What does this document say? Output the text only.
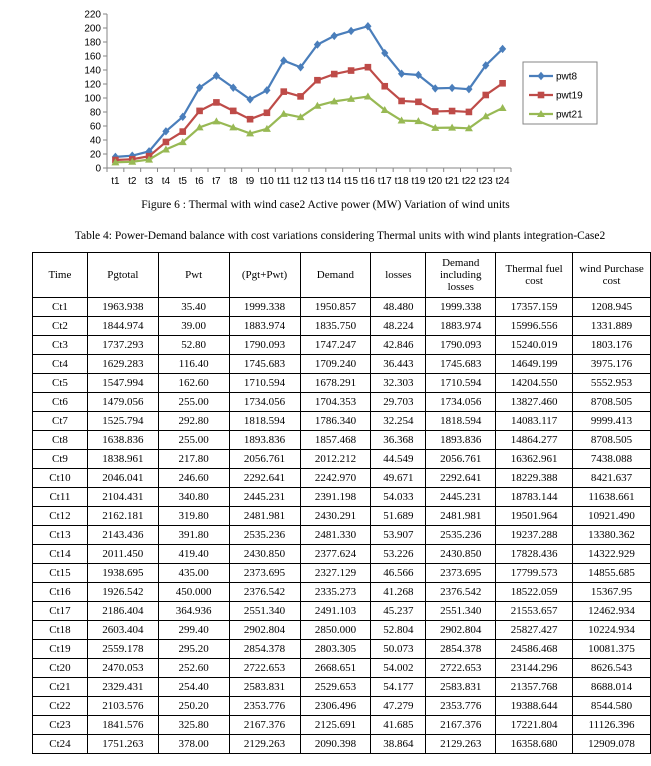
0
20
40
60
80
100
120
140
160
180
200
220
t1 t2 t3 t4 t5 t6 t7 t8 t9 t10 t11 t12 t13 t14 t15 t16 t17 t18 t19 t20 t21 t22 t23 t24
pwt8
pwt19
pwt21
Figure 6 : Thermal with wind case2 Active power (MW) Variation of wind units
Table 4: Power-Demand balance with cost variations considering Thermal units with wind plants integration-Case2
Time	Pgtotal	Pwt	(Pgt+Pwt)	Demand	losses	Demand including losses	Thermal fuel cost	wind Purchase cost
Ct1	1963.938	35.40	1999.338	1950.857	48.480	1999.338	17357.159	1208.945
Ct2	1844.974	39.00	1883.974	1835.750	48.224	1883.974	15996.556	1331.889
Ct3	1737.293	52.80	1790.093	1747.247	42.846	1790.093	15240.019	1803.176
Ct4	1629.283	116.40	1745.683	1709.240	36.443	1745.683	14649.199	3975.176
Ct5	1547.994	162.60	1710.594	1678.291	32.303	1710.594	14204.550	5552.953
Ct6	1479.056	255.00	1734.056	1704.353	29.703	1734.056	13827.460	8708.505
Ct7	1525.794	292.80	1818.594	1786.340	32.254	1818.594	14083.117	9999.413
Ct8	1638.836	255.00	1893.836	1857.468	36.368	1893.836	14864.277	8708.505
Ct9	1838.961	217.80	2056.761	2012.212	44.549	2056.761	16362.961	7438.088
Ct10	2046.041	246.60	2292.641	2242.970	49.671	2292.641	18229.388	8421.637
Ct11	2104.431	340.80	2445.231	2391.198	54.033	2445.231	18783.144	11638.661
Ct12	2162.181	319.80	2481.981	2430.291	51.689	2481.981	19501.964	10921.490
Ct13	2143.436	391.80	2535.236	2481.330	53.907	2535.236	19237.288	13380.362
Ct14	2011.450	419.40	2430.850	2377.624	53.226	2430.850	17828.436	14322.929
Ct15	1938.695	435.00	2373.695	2327.129	46.566	2373.695	17799.573	14855.685
Ct16	1926.542	450.000	2376.542	2335.273	41.268	2376.542	18522.059	15367.95
Ct17	2186.404	364.936	2551.340	2491.103	45.237	2551.340	21553.657	12462.934
Ct18	2603.404	299.40	2902.804	2850.000	52.804	2902.804	25827.427	10224.934
Ct19	2559.178	295.20	2854.378	2803.305	50.073	2854.378	24586.468	10081.375
Ct20	2470.053	252.60	2722.653	2668.651	54.002	2722.653	23144.296	8626.543
Ct21	2329.431	254.40	2583.831	2529.653	54.177	2583.831	21357.768	8688.014
Ct22	2103.576	250.20	2353.776	2306.496	47.279	2353.776	19388.644	8544.580
Ct23	1841.576	325.80	2167.376	2125.691	41.685	2167.376	17221.804	11126.396
Ct24	1751.263	378.00	2129.263	2090.398	38.864	2129.263	16358.680	12909.078
